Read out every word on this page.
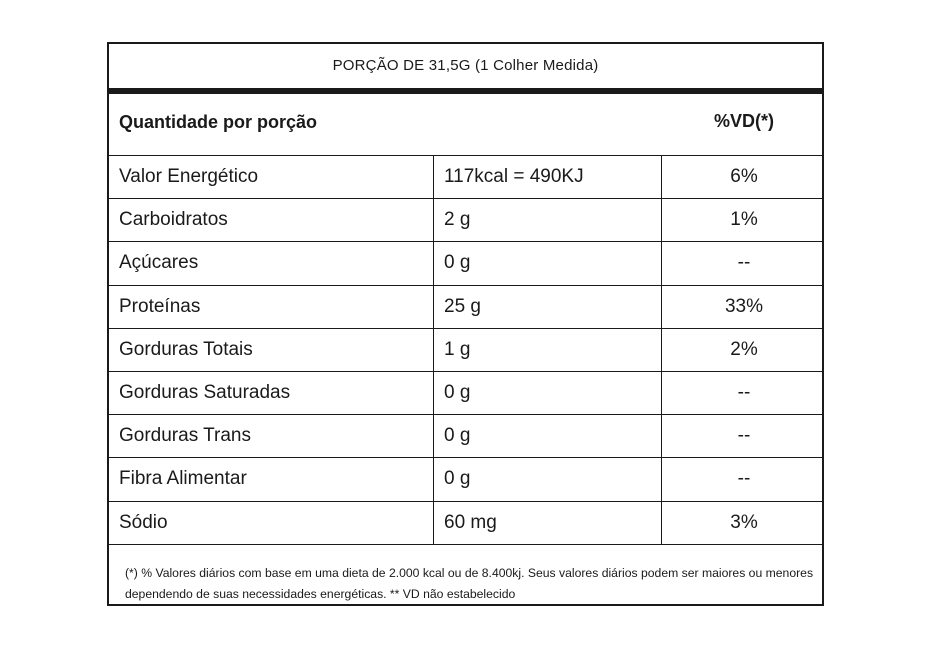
PORÇÃO DE 31,5G (1 Colher Medida)
Quantidade por porção	%VD(*)
Valor Energético	117kcal = 490KJ	6%
Carboidratos	2 g	1%
Açúcares	0 g	--
Proteínas	25 g	33%
Gorduras Totais	1 g	2%
Gorduras Saturadas	0 g	--
Gorduras Trans	0 g	--
Fibra Alimentar	0 g	--
Sódio	60 mg	3%
(*) % Valores diários com base em uma dieta de 2.000 kcal ou de 8.400kj. Seus valores diários podem ser maiores ou menores dependendo de suas necessidades energéticas. ** VD não estabelecido
